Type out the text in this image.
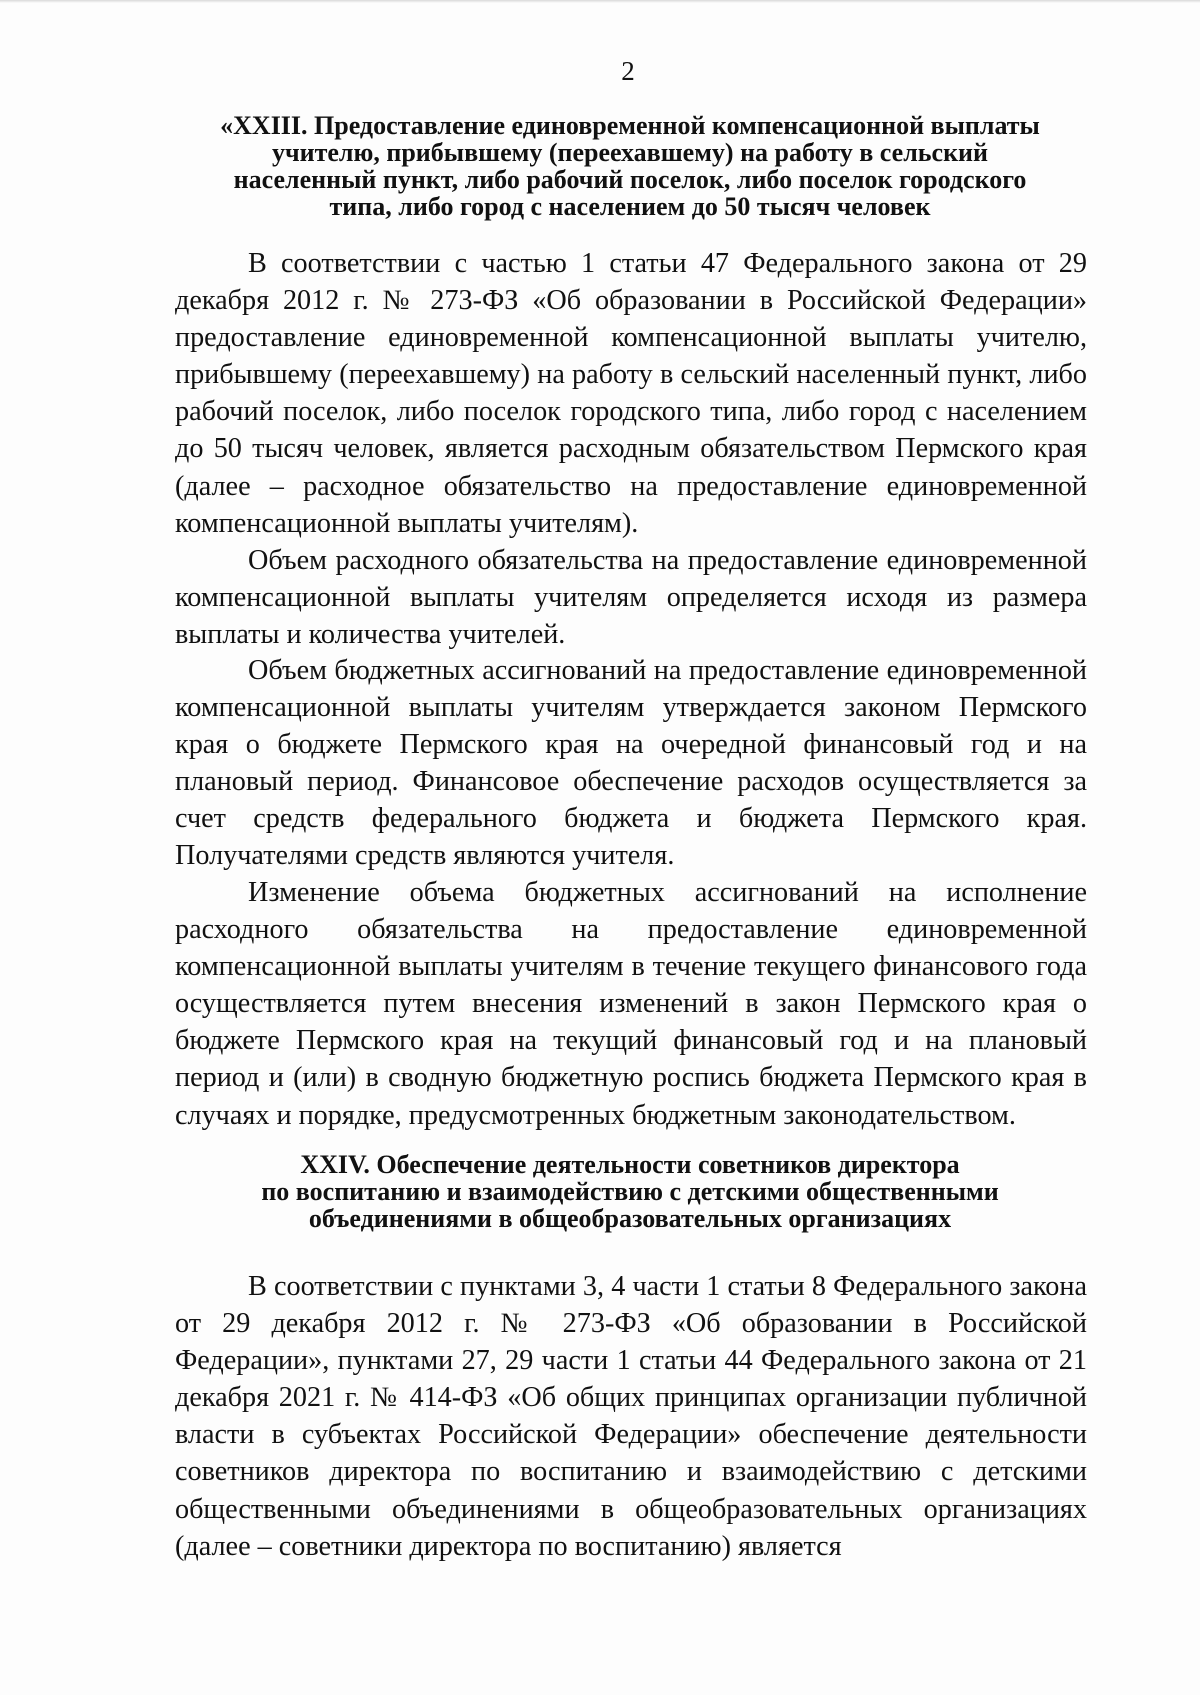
2
«XXIII. Предоставление единовременной компенсационной выплаты
учителю, прибывшему (переехавшему) на работу в сельский
населенный пункт, либо рабочий поселок, либо поселок городского
типа, либо город с населением до 50 тысяч человек

В соответствии с частью 1 статьи 47 Федерального закона от 29 декабря 2012 г. № 273-ФЗ «Об образовании в Российской Федерации» предоставление единовременной компенсационной выплаты учителю, прибывшему (переехавшему) на работу в сельский населенный пункт, либо рабочий поселок, либо поселок городского типа, либо город с населением до 50 тысяч человек, является расходным обязательством Пермского края (далее – расходное обязательство на предоставление единовременной компенсационной выплаты учителям).

Объем расходного обязательства на предоставление единовременной компенсационной выплаты учителям определяется исходя из размера выплаты и количества учителей.

Объем бюджетных ассигнований на предоставление единовременной компенсационной выплаты учителям утверждается законом Пермского края о бюджете Пермского края на очередной финансовый год и на плановый период. Финансовое обеспечение расходов осуществляется за счет средств федерального бюджета и бюджета Пермского края. Получателями средств являются учителя.

Изменение объема бюджетных ассигнований на исполнение расходного обязательства на предоставление единовременной компенсационной выплаты учителям в течение текущего финансового года осуществляется путем внесения изменений в закон Пермского края о бюджете Пермского края на текущий финансовый год и на плановый период и (или) в сводную бюджетную роспись бюджета Пермского края в случаях и порядке, предусмотренных бюджетным законодательством.

XXIV. Обеспечение деятельности советников директора
по воспитанию и взаимодействию с детскими общественными
объединениями в общеобразовательных организациях

В соответствии с пунктами 3, 4 части 1 статьи 8 Федерального закона от 29 декабря 2012 г. № 273-ФЗ «Об образовании в Российской Федерации», пунктами 27, 29 части 1 статьи 44 Федерального закона от 21 декабря 2021 г. № 414-ФЗ «Об общих принципах организации публичной власти в субъектах Российской Федерации» обеспечение деятельности советников директора по воспитанию и взаимодействию с детскими общественными объединениями в общеобразовательных организациях (далее – советники директора по воспитанию) является
